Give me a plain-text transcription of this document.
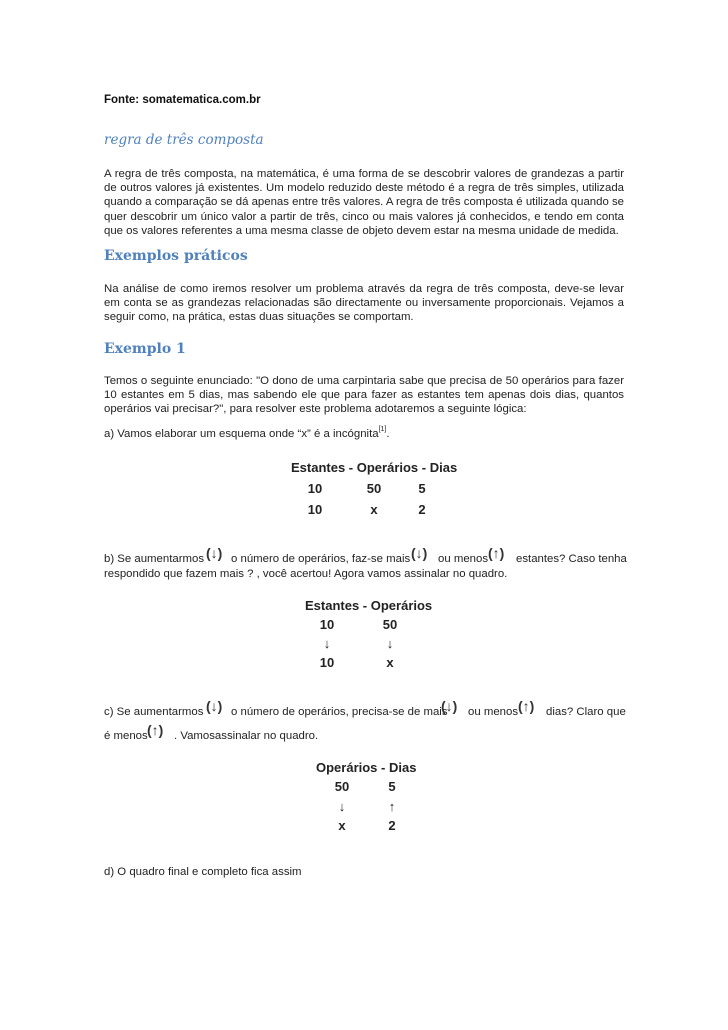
Fonte: somatematica.com.br
regra de três composta
A regra de três composta, na matemática, é uma forma de se descobrir valores de grandezas a partir de outros valores já existentes. Um modelo reduzido deste método é a regra de três simples, utilizada quando a comparação se dá apenas entre três valores. A regra de três composta é utilizada quando se quer descobrir um único valor a partir de três, cinco ou mais valores já conhecidos, e tendo em conta que os valores referentes a uma mesma classe de objeto devem estar na mesma unidade de medida.
Exemplos práticos
Na análise de como iremos resolver um problema através da regra de três composta, deve-se levar em conta se as grandezas relacionadas são directamente ou inversamente proporcionais. Vejamos a seguir como, na prática, estas duas situações se comportam.
Exemplo 1
Temos o seguinte enunciado: "O dono de uma carpintaria sabe que precisa de 50 operários para fazer 10 estantes em 5 dias, mas sabendo ele que para fazer as estantes tem apenas dois dias, quantos operários vai precisar?", para resolver este problema adotaremos a seguinte lógica:
a) Vamos elaborar um esquema onde “x” é a incógnita[1].
Estantes - Operários - Dias
10	50	5
10	x	2
b) Se aumentarmos (↓) o número de operários, faz-se mais (↓) ou menos (↑) estantes? Caso tenha
respondido que fazem mais ? , você acertou! Agora vamos assinalar no quadro.
Estantes - Operários
10	50
↓	↓
10	x
c) Se aumentarmos (↓) o número de operários, precisa-se de mais
(↓) ou menos (↑) dias? Claro que
é menos (↑) . Vamosassinalar no quadro.
Operários - Dias
50	5
↓	↑
x	2
d) O quadro final e completo fica assim
